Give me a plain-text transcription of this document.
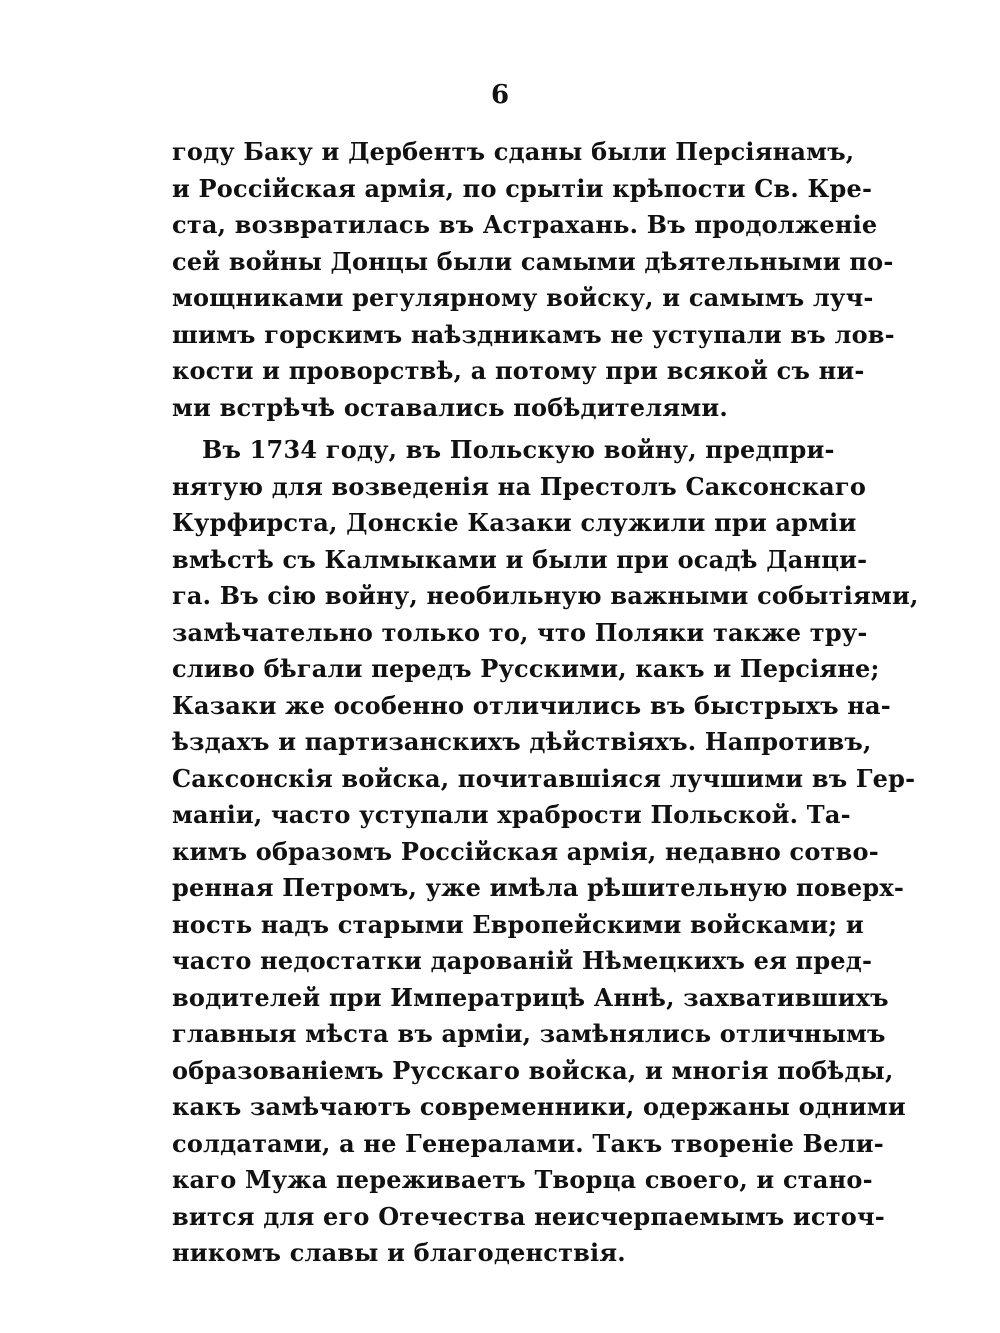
6
году Баку и Дербентъ сданы были Персіянамъ,
и Россійская армія, по срытіи крѣпости Св. Кре-
ста, возвратилась въ Астрахань. Въ продолженіе
сей войны Донцы были самыми дѣятельными по-
мощниками регулярному войску, и самымъ луч-
шимъ горскимъ наѣздникамъ не уступали въ лов-
кости и проворствѣ, а потому при всякой съ ни-
ми встрѣчѣ оставались побѣдителями.
Въ 1734 году, въ Польскую войну, предпри-
нятую для возведенія на Престолъ Саксонскаго
Курфирста, Донскіе Казаки служили при арміи
вмѣстѣ съ Калмыками и были при осадѣ Данци-
га. Въ сію войну, необильную важными событіями,
замѣчательно только то, что Поляки также тру-
сливо бѣгали передъ Русскими, какъ и Персіяне;
Казаки же особенно отличились въ быстрыхъ на-
ѣздахъ и партизанскихъ дѣйствіяхъ. Напротивъ,
Саксонскія войска, почитавшіяся лучшими въ Гер-
маніи, часто уступали храбрости Польской. Та-
кимъ образомъ Россійская армія, недавно сотво-
ренная Петромъ, уже имѣла рѣшительную поверх-
ность надъ старыми Европейскими войсками; и
часто недостатки дарованій Нѣмецкихъ ея пред-
водителей при Императрицѣ Аннѣ, захватившихъ
главныя мѣста въ арміи, замѣнялись отличнымъ
образованіемъ Русскаго войска, и многія побѣды,
какъ замѣчаютъ современники, одержаны одними
солдатами, а не Генералами. Такъ твореніе Вели-
каго Мужа переживаетъ Творца своего, и стано-
вится для его Отечества неисчерпаемымъ источ-
никомъ славы и благоденствія.
